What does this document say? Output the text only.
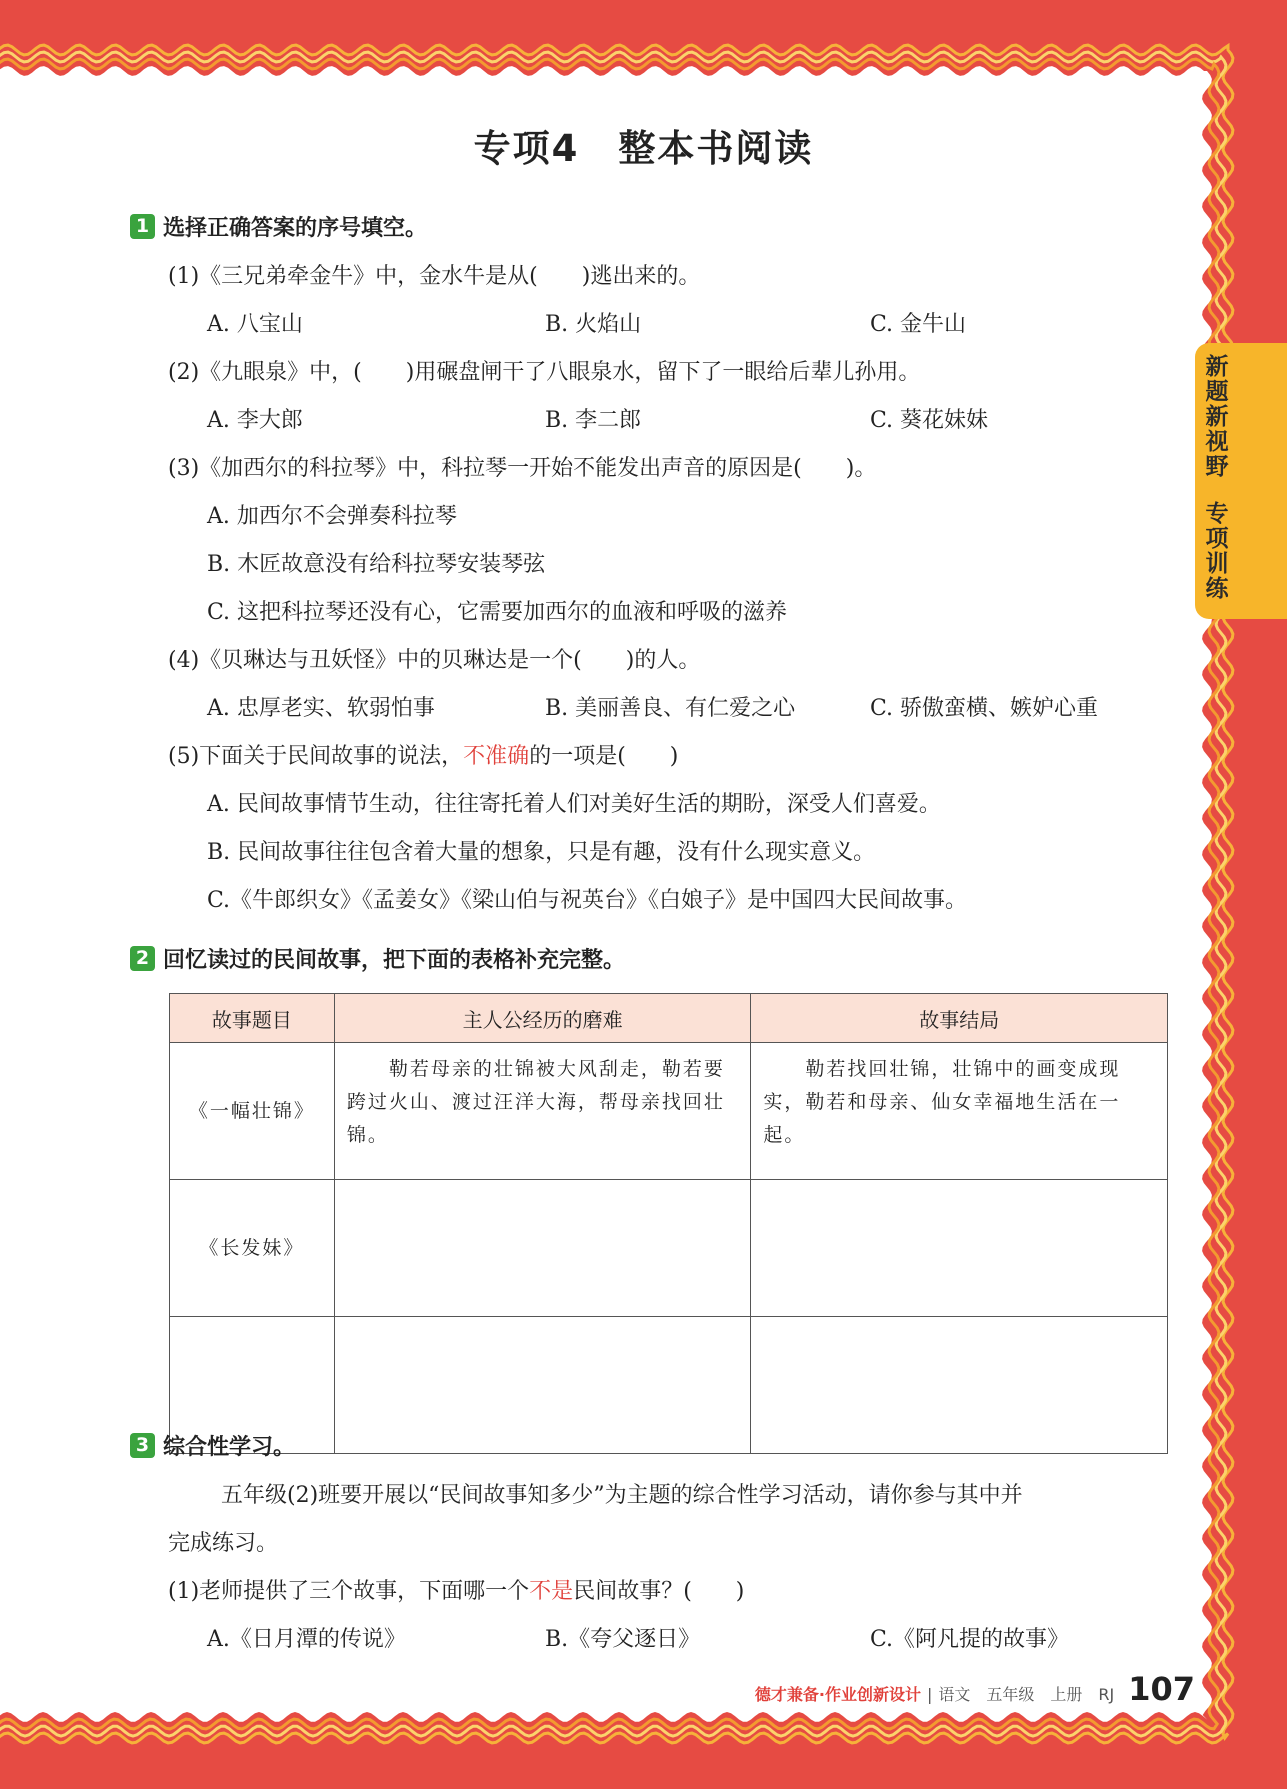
专项4　整本书阅读
新题新视野
专项训练
1 选择正确答案的序号填空。
(1)《三兄弟牵金牛》中，金水牛是从(　　)逃出来的。
A. 八宝山	B. 火焰山	C. 金牛山
(2)《九眼泉》中，(　　)用碾盘闸干了八眼泉水，留下了一眼给后辈儿孙用。
A. 李大郎	B. 李二郎	C. 葵花妹妹
(3)《加西尔的科拉琴》中，科拉琴一开始不能发出声音的原因是(　　)。
A. 加西尔不会弹奏科拉琴
B. 木匠故意没有给科拉琴安装琴弦
C. 这把科拉琴还没有心，它需要加西尔的血液和呼吸的滋养
(4)《贝琳达与丑妖怪》中的贝琳达是一个(　　)的人。
A. 忠厚老实、软弱怕事	B. 美丽善良、有仁爱之心	C. 骄傲蛮横、嫉妒心重
(5)下面关于民间故事的说法，不准确的一项是(　　)
A. 民间故事情节生动，往往寄托着人们对美好生活的期盼，深受人们喜爱。
B. 民间故事往往包含着大量的想象，只是有趣，没有什么现实意义。
C.《牛郎织女》《孟姜女》《梁山伯与祝英台》《白娘子》是中国四大民间故事。
2 回忆读过的民间故事，把下面的表格补充完整。
故事题目	主人公经历的磨难	故事结局
《一幅壮锦》	　　勒若母亲的壮锦被大风刮走，勒若要跨过火山、渡过汪洋大海，帮母亲找回壮锦。	　　勒若找回壮锦，壮锦中的画变成现实，勒若和母亲、仙女幸福地生活在一起。
《长发妹》		

3 综合性学习。
五年级(2)班要开展以“民间故事知多少”为主题的综合性学习活动，请你参与其中并
完成练习。
(1)老师提供了三个故事，下面哪一个不是民间故事？(　　)
A.《日月潭的传说》	B.《夸父逐日》	C.《阿凡提的故事》
德才兼备·作业创新设计 | 语文　五年级　上册　RJ 107
